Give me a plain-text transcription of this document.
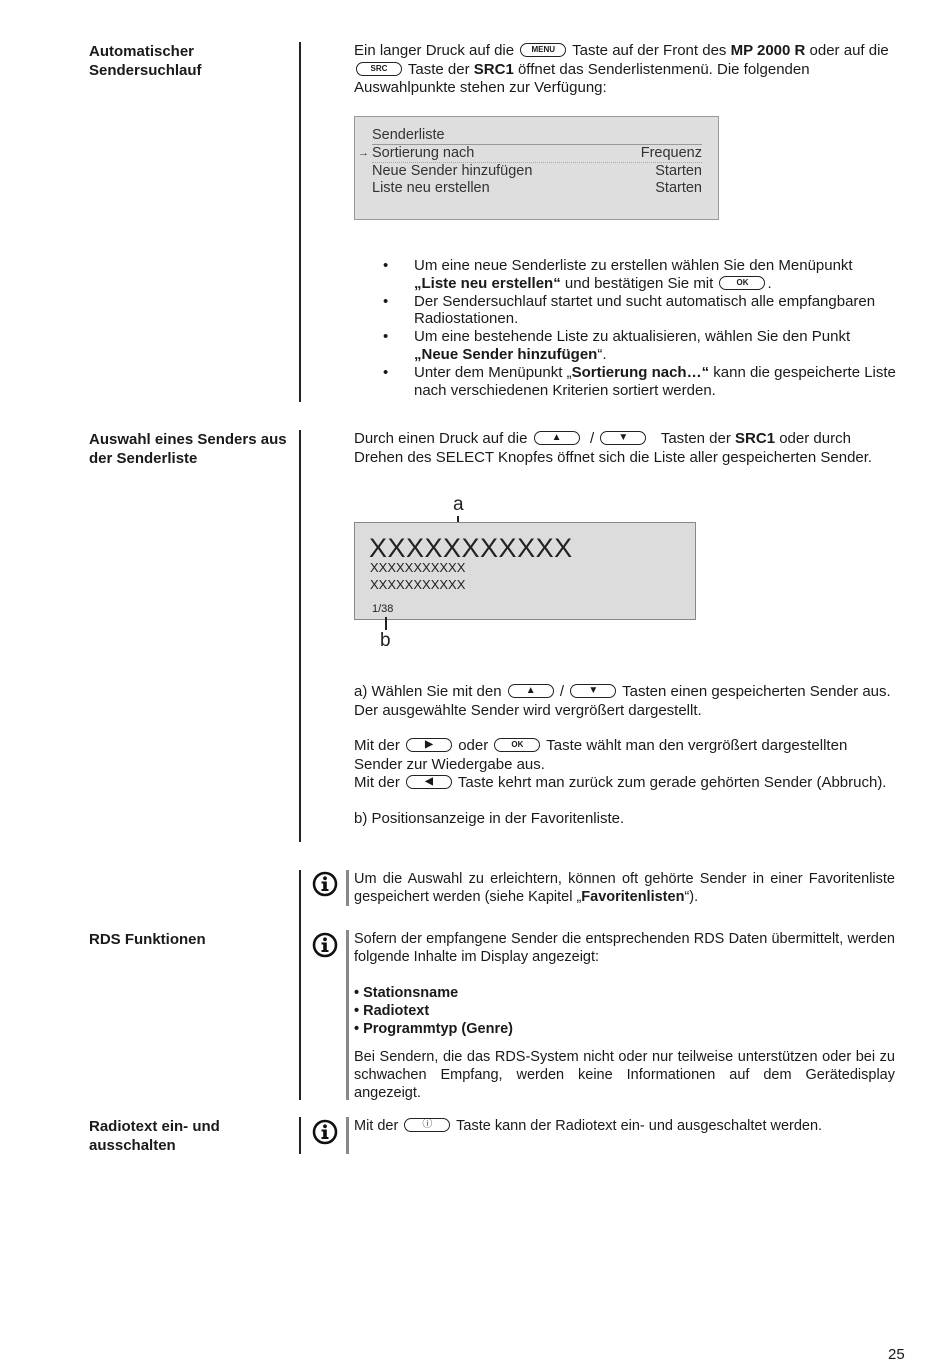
Automatischer
Sendersuchlauf

Ein langer Druck auf die MENU Taste auf der Front des MP 2000 R oder auf die SRC Taste der SRC1 öffnet das Senderlistenmenü. Die folgenden Auswahlpunkte stehen zur Verfügung:

Senderliste
→ Sortierung nach	Frequenz
Neue Sender hinzufügen	Starten
Liste neu erstellen	Starten
• Um eine neue Senderliste zu erstellen wählen Sie den Menüpunkt „Liste neu erstellen“ und bestätigen Sie mit	OK .
• Der Sendersuchlauf startet und sucht automatisch alle empfangbaren Radiostationen.
• Um eine bestehende Liste zu aktualisieren, wählen Sie den Punkt „Neue Sender hinzufügen“.
• Unter dem Menüpunkt „Sortierung nach…“ kann die gespeicherte Liste nach verschiedenen Kriterien sortiert werden.
Auswahl eines Senders aus
der Senderliste

Durch einen Druck auf die ▲ / ▼ Tasten der SRC1 oder durch Drehen des SELECT Knopfes öffnet sich die Liste aller gespeicherten Sender.

a
XXXXXXXXXXX
XXXXXXXXXXX
XXXXXXXXXXX
1/38
b

a) Wählen Sie mit den ▲ / ▼ Tasten einen gespeicherten Sender aus. Der ausgewählte Sender wird vergrößert dargestellt.

Mit der	▶ oder	OK Taste wählt man den vergrößert dargestellten Sender zur Wiedergabe aus.

Mit der	◀ Taste kehrt man zurück zum gerade gehörten Sender (Abbruch).

b) Positionsanzeige in der Favoritenliste.

Um die Auswahl zu erleichtern, können oft gehörte Sender in einer Favoritenliste gespeichert werden (siehe Kapitel „Favoritenlisten“).

RDS Funktionen	Sofern der empfangene Sender die entsprechenden RDS Daten übermittelt, werden folgende Inhalte im Display angezeigt:

• Stationsname
• Radiotext
• Programmtyp (Genre)

Bei Sendern, die das RDS-System nicht oder nur teilweise unterstützen oder bei zu schwachen Empfang, werden keine Informationen auf dem Gerätedisplay angezeigt.

Radiotext ein- und
ausschalten

Mit der ⓘ Taste kann der Radiotext ein- und ausgeschaltet werden.

25
